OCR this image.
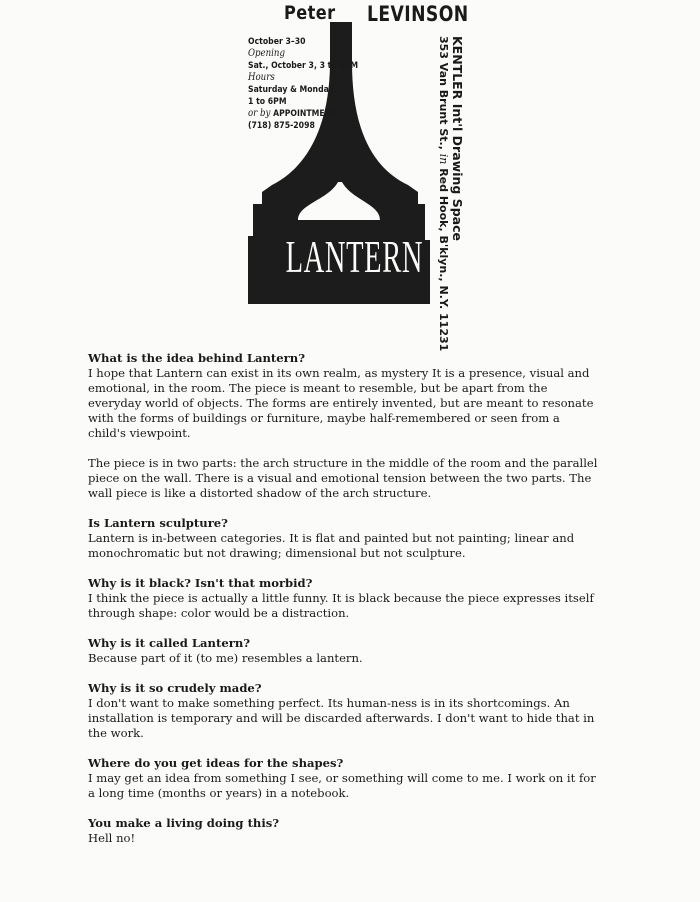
Peter LEVINSON
October 3–30
Opening
Sat., October 3, 3 to 6PM
Hours
Saturday & Monday
1 to 6PM
or by APPOINTMENT:
(718) 875-2098
DIRECTIONS
SUBWAY: F or A train to Jay St., Boro Hall Brooklyn. Outside take B-61 Bus to RED HOOK, stops in front of gallery between Wolcott & Dikeman Streets. CAR: BQE to Atlantic Ave exit, left on Columbia St., right on Degraw, left onto Van Brunt. Go 12 blocks, on the left after the school.
LANTERN
KENTLER Int'l Drawing Space
353 Van Brunt St., in Red Hook, B'klyn., N.Y. 11231

What is the idea behind Lantern?

I hope that Lantern can exist in its own realm, as mystery It is a presence, visual and emotional, in the room. The piece is meant to resemble, but be apart from the everyday world of objects. The forms are entirely invented, but are meant to resonate with the forms of buildings or furniture, maybe half-remembered or seen from a child's viewpoint.

The piece is in two parts: the arch structure in the middle of the room and the parallel piece on the wall. There is a visual and emotional tension between the two parts. The wall piece is like a distorted shadow of the arch structure.

Is Lantern sculpture?

Lantern is in-between categories. It is flat and painted but not painting; linear and monochromatic but not drawing; dimensional but not sculpture.

Why is it black? Isn't that morbid?

I think the piece is actually a little funny. It is black because the piece expresses itself through shape: color would be a distraction.

Why is it called Lantern?

Because part of it (to me) resembles a lantern.

Why is it so crudely made?

I don't want to make something perfect. Its human-ness is in its shortcomings. An installation is temporary and will be discarded afterwards. I don't want to hide that in the work.

Where do you get ideas for the shapes?

I may get an idea from something I see, or something will come to me. I work on it for a long time (months or years) in a notebook.

You make a living doing this?

Hell no!
